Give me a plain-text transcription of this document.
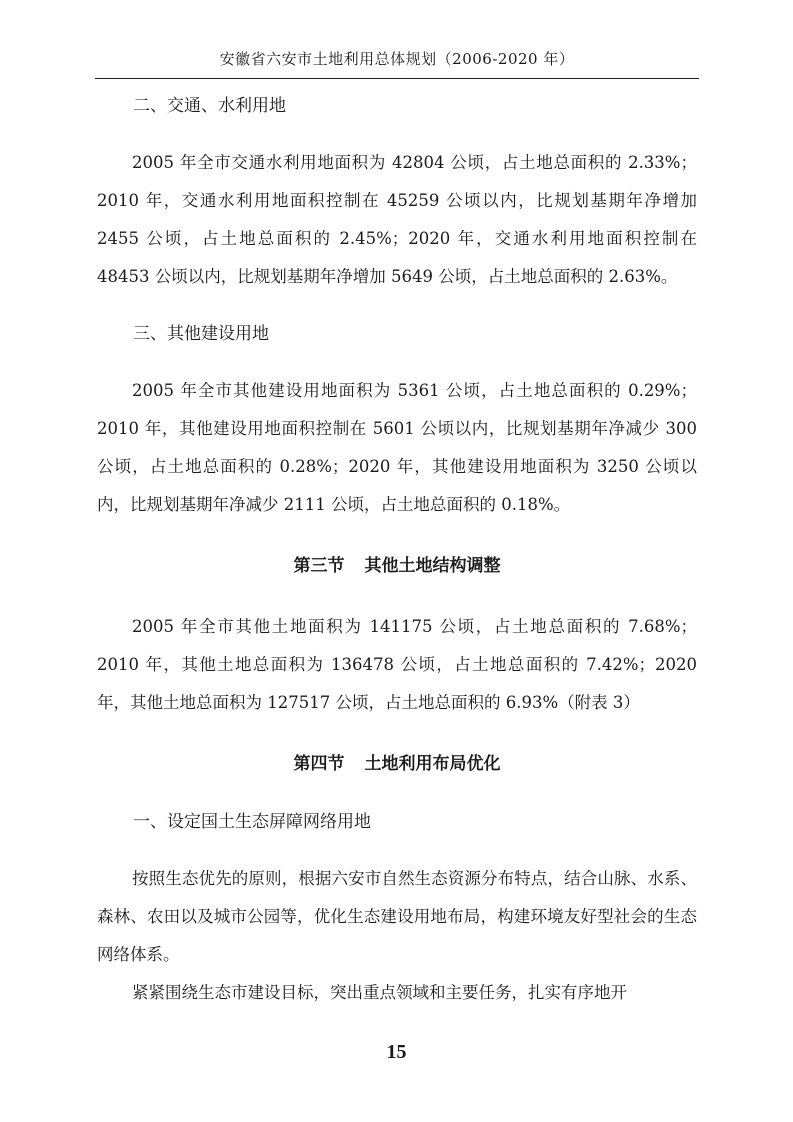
安徽省六安市土地利用总体规划（2006-2020 年）

二、交通、水利用地

2005 年全市交通水利用地面积为 42804 公顷，占土地总面积的 2.33%；2010 年，交通水利用地面积控制在 45259 公顷以内，比规划基期年净增加 2455 公顷，占土地总面积的 2.45%；2020 年，交通水利用地面积控制在 48453 公顷以内，比规划基期年净增加 5649 公顷，占土地总面积的 2.63%。

三、其他建设用地

2005 年全市其他建设用地面积为 5361 公顷，占土地总面积的 0.29%；2010 年，其他建设用地面积控制在 5601 公顷以内，比规划基期年净减少 300 公顷，占土地总面积的 0.28%；2020 年，其他建设用地面积为 3250 公顷以内，比规划基期年净减少 2111 公顷，占土地总面积的 0.18%。

第三节 其他土地结构调整

2005 年全市其他土地面积为 141175 公顷，占土地总面积的 7.68%；2010 年，其他土地总面积为 136478 公顷，占土地总面积的 7.42%；2020 年，其他土地总面积为 127517 公顷，占土地总面积的 6.93%（附表 3）

第四节 土地利用布局优化

一、设定国土生态屏障网络用地

按照生态优先的原则，根据六安市自然生态资源分布特点，结合山脉、水系、森林、农田以及城市公园等，优化生态建设用地布局，构建环境友好型社会的生态网络体系。

紧紧围绕生态市建设目标，突出重点领域和主要任务，扎实有序地开

15
